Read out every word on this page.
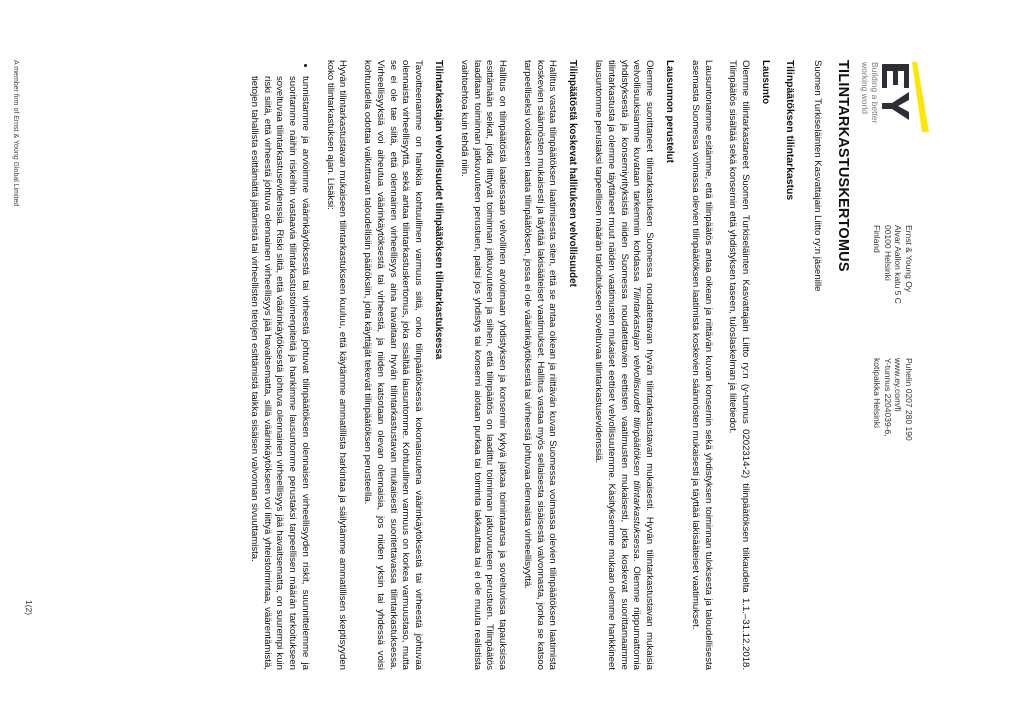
Building a better
working world
Ernst & Young Oy
Alvar Aallon katu 5 C
00100 Helsinki
Finland
Puhelin 0207 280 190
www.ey.com/fi
Y-tunnus 2204039-6,
kotipaikka Helsinki
TILINTARKASTUSKERTOMUS

Suomen Turkiseläinten Kasvattajain Liitto ry:n jäsenille

Tilinpäätöksen tilintarkastus
Lausunto

Olemme tilintarkastaneet Suomen Turkiseläinten Kasvattajain Liitto ry:n (y-tunnus 0202314-2) tilinpäätöksen tilikaudelta 1.1.–31.12.2018. Tilinpäätös sisältää sekä konsernin että yhdistyksen taseen, tuloslaskelman ja liitetiedot.

Lausuntonamme esitämme, että tilinpäätös antaa oikean ja riittävän kuvan konsernin sekä yhdistyksen toiminnan tuloksesta ja taloudellisesta asemasta Suomessa voimassa olevien tilinpäätöksen laatimista koskevien säännösten mukaisesti ja täyttää lakisääteiset vaatimukset.

Lausunnon perustelut

Olemme suorittaneet tilintarkastuksen Suomessa noudatettavan hyvän tilintarkastustavan mukaisesti. Hyvän tilintarkastustavan mukaisia velvollisuuksiamme kuvataan tarkemmin kohdassa Tilintarkastajan velvollisuudet tilinpäätöksen tilintarkastuksessa. Olemme riippumattomia yhdistyksestä ja konserniyrityksistä niiden Suomessa noudatettavien eettisten vaatimusten mukaisesti, jotka koskevat suorittamaamme tilintarkastusta ja olemme täyttäneet muut näiden vaatimusten mukaiset eettiset velvollisuutemme. Käsityksemme mukaan olemme hankkineet lausuntomme perustaksi tarpeellisen määrän tarkoitukseen soveltuvaa tilintarkastusevidenssiä.

Tilinpäätöstä koskevat hallituksen velvollisuudet

Hallitus vastaa tilinpäätöksen laatimisesta siten, että se antaa oikean ja riittävän kuvan Suomessa voimassa olevien tilinpäätöksen laatimista koskevien säännösten mukaisesti ja täyttää lakisääteiset vaatimukset. Hallitus vastaa myös sellaisesta sisäisestä valvonnasta, jonka se katsoo tarpeelliseksi voidakseen laatia tilinpäätöksen, jossa ei ole väärinkäytöksestä tai virheestä johtuvaa olennaista virheellisyyttä.

Hallitus on tilinpäätöstä laatiessaan velvollinen arvioimaan yhdistyksen ja konsernin kykyä jatkaa toimintaansa ja soveltuvissa tapauksissa esittämään seikat, jotka liittyvät toiminnan jatkuvuuteen ja siihen, että tilinpäätös on laadittu toiminnan jatkuvuuteen perustuen. Tilinpäätös laaditaan toiminnan jatkuvuuteen perustuen, paitsi jos yhdistys tai konserni aiotaan purkaa tai toiminta lakkauttaa tai ei ole muuta realistista vaihtoehtoa kuin tehdä niin.

Tilintarkastajan velvollisuudet tilinpäätöksen tilintarkastuksessa

Tavoitteenamme on hankkia kohtuullinen varmuus siitä, onko tilinpäätöksessä kokonaisuutena väärinkäytöksestä tai virheestä johtuvaa olennaista virheellisyyttä, sekä antaa tilintarkastuskertomus, joka sisältää lausuntomme. Kohtuullinen varmuus on korkea varmuustaso, mutta se ei ole tae siitä, että olennainen virheellisyys aina havaitaan hyvän tilintarkastustavan mukaisesti suoritettavassa tilintarkastuksessa. Virheellisyyksiä voi aiheutua väärinkäytöksestä tai virheestä, ja niiden katsotaan olevan olennaisia, jos niiden yksin tai yhdessä voisi kohtuudella odottaa vaikuttavan taloudellisiin päätöksiin, joita käyttäjät tekevät tilinpäätöksen perusteella.

Hyvän tilintarkastustavan mukaiseen tilintarkastukseen kuuluu, että käytämme ammatillista harkintaa ja säilytämme ammatillisen skeptisyyden koko tilintarkastuksen ajan. Lisäksi:

• tunnistamme ja arvioimme väärinkäytöksestä tai virheestä johtuvat tilinpäätöksen olennaisen virheellisyyden riskit, suunnittelemme ja suoritamme näihin riskeihin vastaavia tilintarkastustoimenpiteitä ja hankimme lausuntomme perustaksi tarpeellisen määrän tarkoitukseen soveltuvaa tilintarkastusevidenssiä. Riski siitä, että väärinkäytöksestä johtuva olennainen virheellisyys jää havaitsematta, on suurempi kuin riski siitä, että virheestä johtuva olennainen virheellisyys jää havaitsematta, sillä väärinkäytökseen voi liittyä yhteistoimintaa, väärentämistä, tietojen tahallista esittämättä jättämistä tai virheellisten tietojen esittämistä taikka sisäisen valvonnan sivuuttamista.
1(2)
A member firm of Ernst & Young Global Limited
